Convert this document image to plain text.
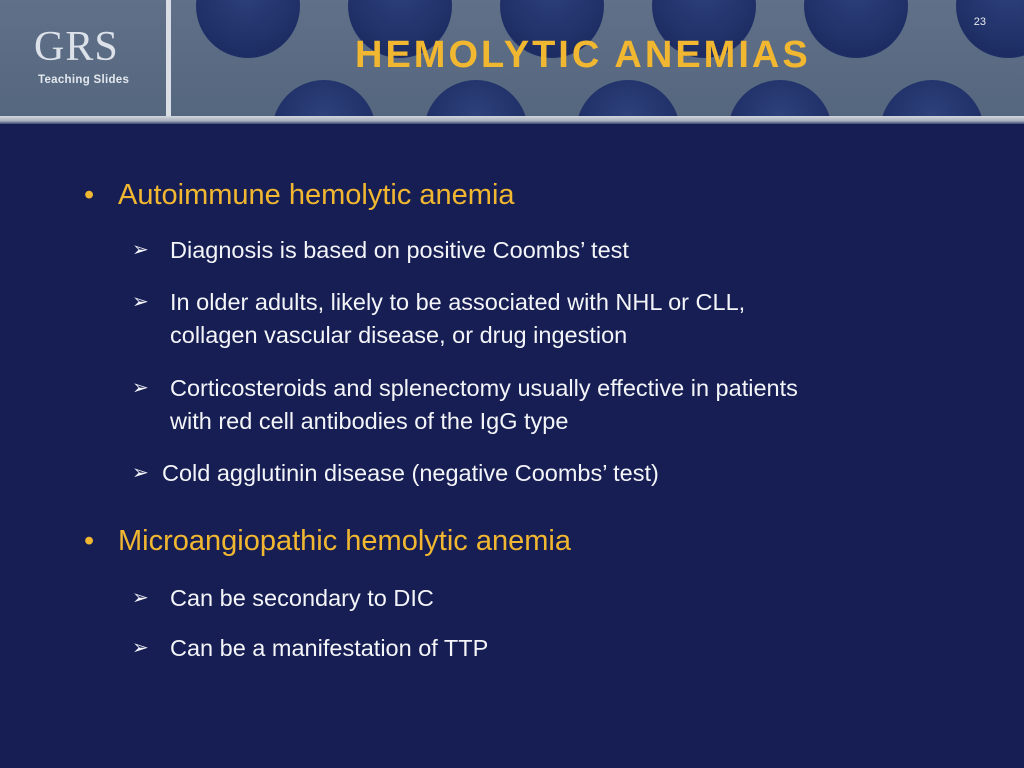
GRS
Teaching Slides
23
HEMOLYTIC ANEMIAS
• Autoimmune hemolytic anemia
➢ Diagnosis is based on positive Coombs’ test
➢ In older adults, likely to be associated with NHL or CLL,
collagen vascular disease, or drug ingestion
➢ Corticosteroids and splenectomy usually effective in patients
with red cell antibodies of the IgG type
➢ Cold agglutinin disease (negative Coombs’ test)
• Microangiopathic hemolytic anemia
➢ Can be secondary to DIC
➢ Can be a manifestation of TTP
